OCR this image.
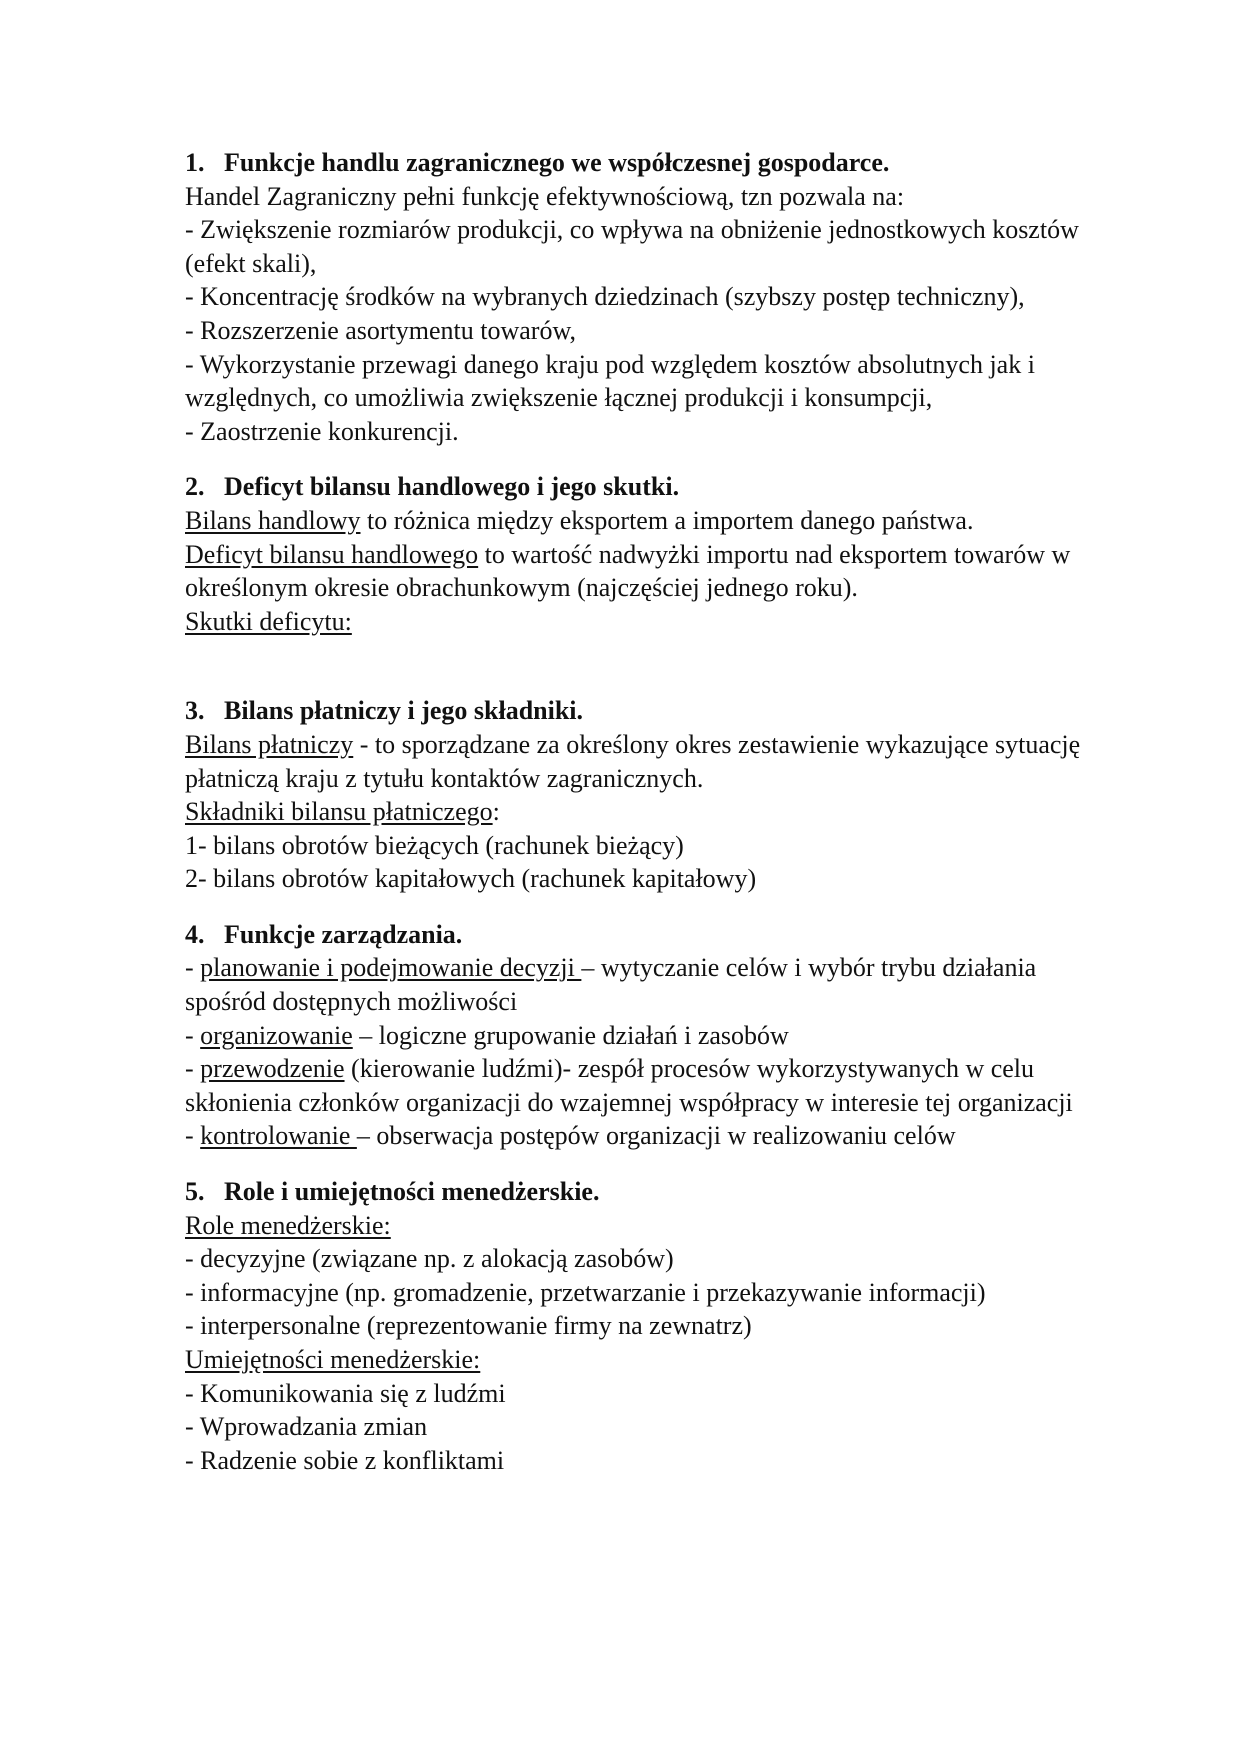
1. Funkcje handlu zagranicznego we współczesnej gospodarce.
Handel Zagraniczny pełni funkcję efektywnościową, tzn pozwala na:
- Zwiększenie rozmiarów produkcji, co wpływa na obniżenie jednostkowych kosztów (efekt skali),
- Koncentrację środków na wybranych dziedzinach (szybszy postęp techniczny),
- Rozszerzenie asortymentu towarów,
- Wykorzystanie przewagi danego kraju pod względem kosztów absolutnych jak i względnych, co umożliwia zwiększenie łącznej produkcji i konsumpcji,
- Zaostrzenie konkurencji.
2. Deficyt bilansu handlowego i jego skutki.
Bilans handlowy to różnica między eksportem a importem danego państwa.
Deficyt bilansu handlowego to wartość nadwyżki importu nad eksportem towarów w określonym okresie obrachunkowym (najczęściej jednego roku).
Skutki deficytu:
3. Bilans płatniczy i jego składniki.
Bilans płatniczy - to sporządzane za określony okres zestawienie wykazujące sytuację płatniczą kraju z tytułu kontaktów zagranicznych.
Składniki bilansu płatniczego:
1- bilans obrotów bieżących (rachunek bieżący)
2- bilans obrotów kapitałowych (rachunek kapitałowy)
4. Funkcje zarządzania.
- planowanie i podejmowanie decyzji – wytyczanie celów i wybór trybu działania spośród dostępnych możliwości
- organizowanie – logiczne grupowanie działań i zasobów
- przewodzenie (kierowanie ludźmi)- zespół procesów wykorzystywanych w celu skłonienia członków organizacji do wzajemnej współpracy w interesie tej organizacji
- kontrolowanie – obserwacja postępów organizacji w realizowaniu celów
5. Role i umiejętności menedżerskie.
Role menedżerskie:
- decyzyjne (związane np. z alokacją zasobów)
- informacyjne (np. gromadzenie, przetwarzanie i przekazywanie informacji)
- interpersonalne (reprezentowanie firmy na zewnatrz)
Umiejętności menedżerskie:
- Komunikowania się z ludźmi
- Wprowadzania zmian
- Radzenie sobie z konfliktami
